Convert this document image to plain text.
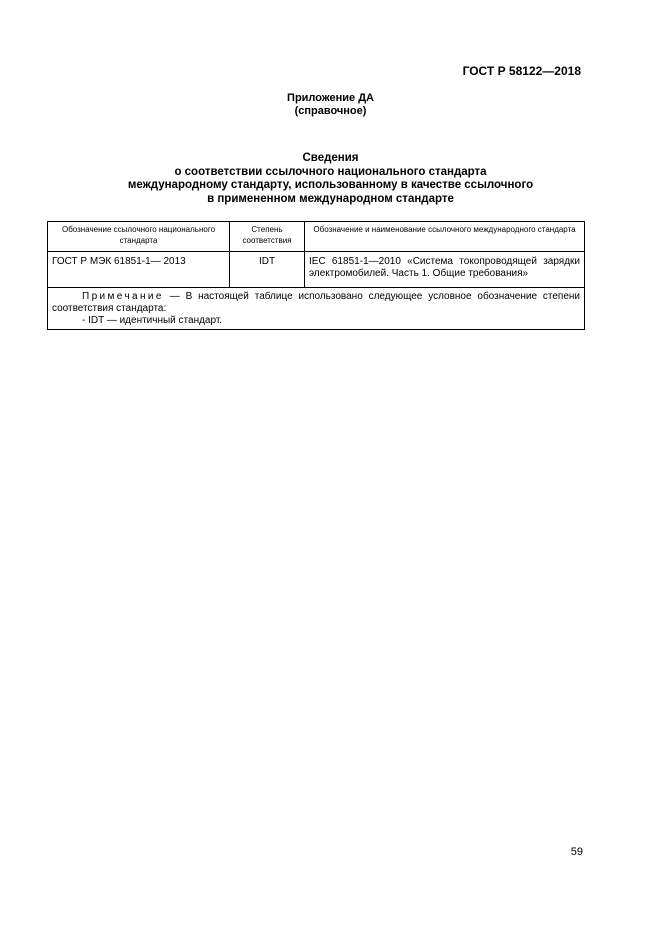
ГОСТ Р 58122—2018
Приложение ДА
(справочное)
Сведения
о соответствии ссылочного национального стандарта
международному стандарту, использованному в качестве ссылочного
в примененном международном стандарте
Обозначение ссылочного национального стандарта	Степень соответствия	Обозначение и наименование ссылочного международного стандарта
ГОСТ Р МЭК 61851-1— 2013	IDT	IEC 61851-1—2010 «Система токопроводящей зарядки электромобилей. Часть 1. Общие требования»

Примечание — В настоящей таблице использовано следующее условное обозначение степени соответствия стандарта:
- IDT — идентичный стандарт.		
59
